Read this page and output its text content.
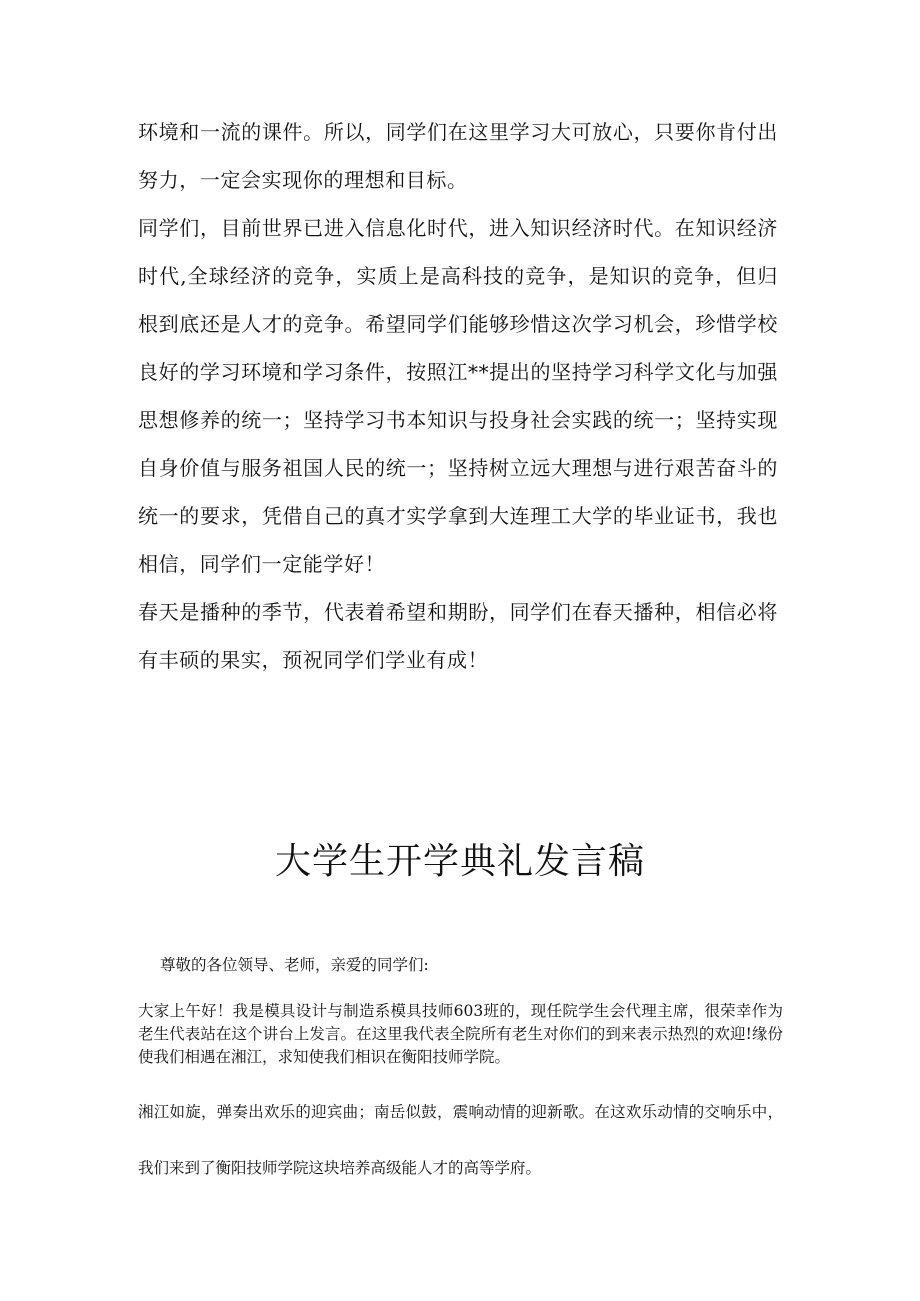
环境和一流的课件。所以，同学们在这里学习大可放心，只要你肯付出努力，一定会实现你的理想和目标。

同学们，目前世界已进入信息化时代，进入知识经济时代。在知识经济时代,全球经济的竞争，实质上是高科技的竞争，是知识的竞争，但归根到底还是人才的竞争。希望同学们能够珍惜这次学习机会，珍惜学校良好的学习环境和学习条件，按照江**提出的坚持学习科学文化与加强思想修养的统一；坚持学习书本知识与投身社会实践的统一；坚持实现自身价值与服务祖国人民的统一；坚持树立远大理想与进行艰苦奋斗的统一的要求，凭借自己的真才实学拿到大连理工大学的毕业证书，我也相信，同学们一定能学好！

春天是播种的季节，代表着希望和期盼，同学们在春天播种，相信必将有丰硕的果实，预祝同学们学业有成！

大学生开学典礼发言稿

尊敬的各位领导、老师，亲爱的同学们:

大家上午好！我是模具设计与制造系模具技师603班的，现任院学生会代理主席，很荣幸作为老生代表站在这个讲台上发言。在这里我代表全院所有老生对你们的到来表示热烈的欢迎!缘份使我们相遇在湘江，求知使我们相识在衡阳技师学院。

湘江如旋，弹奏出欢乐的迎宾曲；南岳似鼓，震响动情的迎新歌。在这欢乐动情的交响乐中，我们来到了衡阳技师学院这块培养高级能人才的高等学府。
